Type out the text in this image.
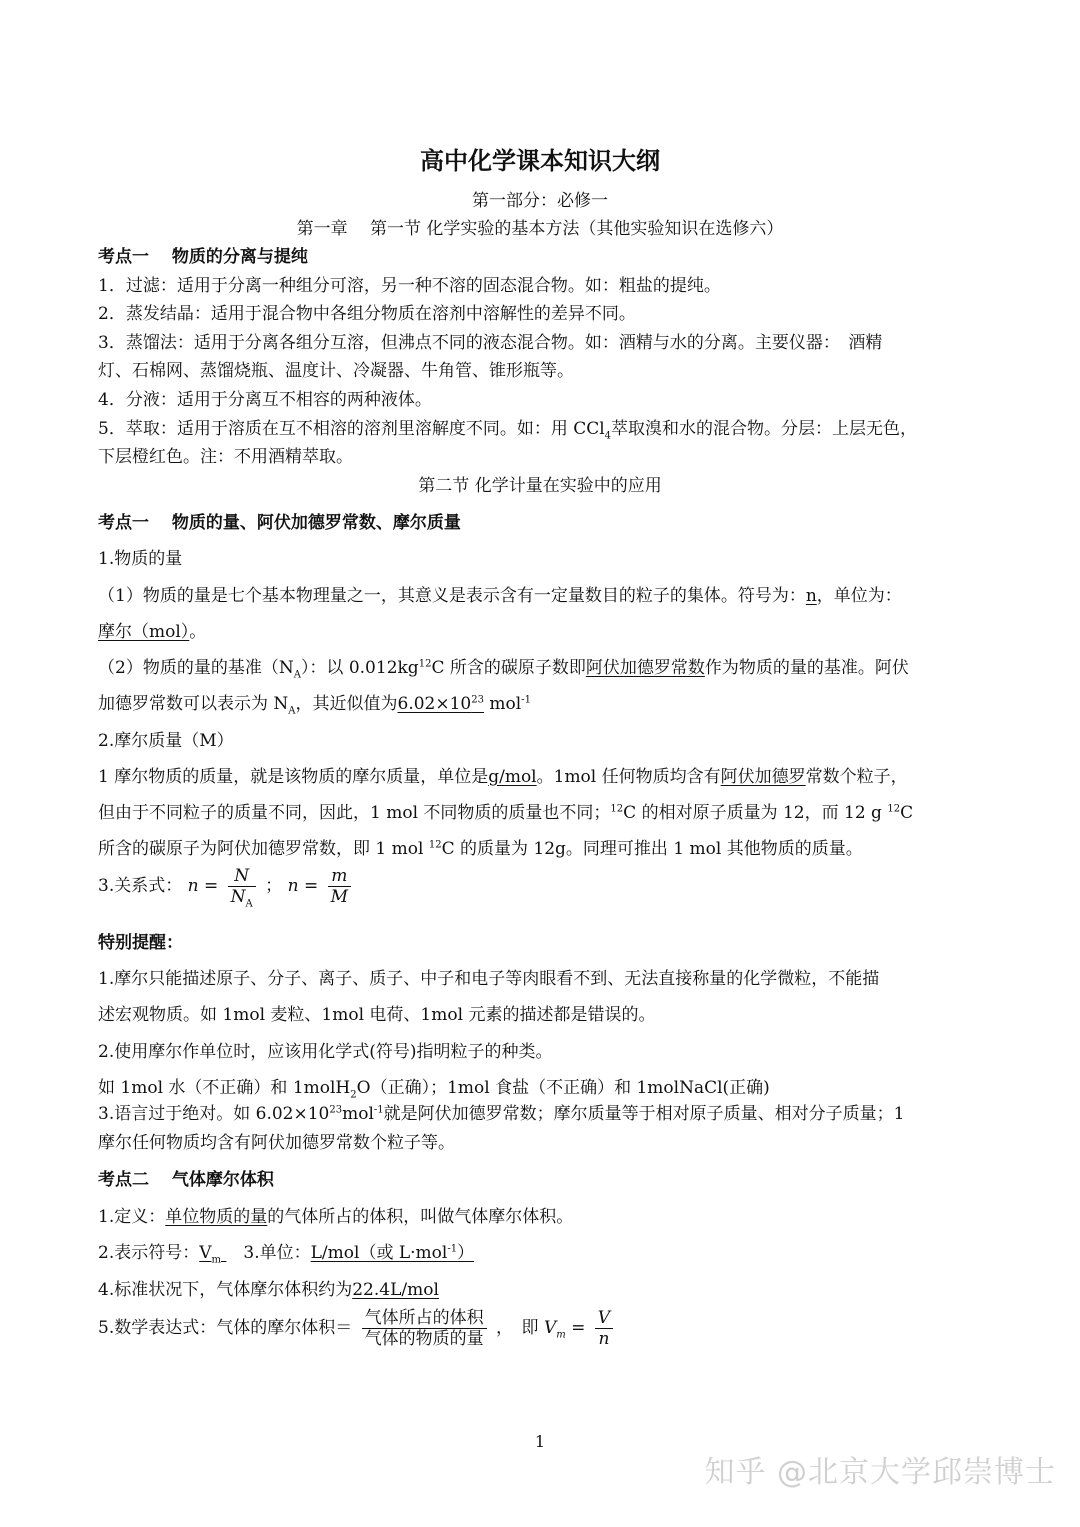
高中化学课本知识大纲
第一部分：必修一
第一章　 第一节 化学实验的基本方法（其他实验知识在选修六）
考点一　 物质的分离与提纯
1．过滤：适用于分离一种组分可溶，另一种不溶的固态混合物。如：粗盐的提纯。
2．蒸发结晶：适用于混合物中各组分物质在溶剂中溶解性的差异不同。
3．蒸馏法：适用于分离各组分互溶，但沸点不同的液态混合物。如：酒精与水的分离。主要仪器：　酒精
灯、石棉网、蒸馏烧瓶、温度计、冷凝器、牛角管、锥形瓶等。
4．分液：适用于分离互不相容的两种液体。
5．萃取：适用于溶质在互不相溶的溶剂里溶解度不同。如：用 CCl$_4$萃取溴和水的混合物。分层：上层无色，
下层橙红色。注：不用酒精萃取。
第二节 化学计量在实验中的应用
考点一　 物质的量、阿伏加德罗常数、摩尔质量
1.物质的量
（1）物质的量是七个基本物理量之一，其意义是表示含有一定量数目的粒子的集体。符号为：n，单位为：
摩尔（mol）。
（2）物质的量的基准$(N_A)$：以 $0.012kg^{12}C$ 所含的碳原子数即阿伏加德罗常数作为物质的量的基准。阿伏
加德罗常数可以表示为 $N_A$，其近似值为$6.02\times 10^{23}$ mol$^{-1}$
2.摩尔质量（M）
1 摩尔物质的质量，就是该物质的摩尔质量，单位是g/mol。1mol 任何物质均含有阿伏加德罗常数个粒子，
但由于不同粒子的质量不同，因此，1 mol 不同物质的质量也不同；$^{12}$C 的相对原子质量为 12，而 12 g $^{12}$C
所含的碳原子为阿伏加德罗常数，即 1 mol $^{12}$C 的质量为 12g。同理可推出 1 mol 其他物质的质量。
3.关系式： $n = \frac{N}{N_A}$ ； $n = \frac{m}{M}$
特别提醒：
1.摩尔只能描述原子、分子、离子、质子、中子和电子等肉眼看不到、无法直接称量的化学微粒，不能描
述宏观物质。如 1mol 麦粒、1mol 电荷、1mol 元素的描述都是错误的。
2.使用摩尔作单位时，应该用化学式(符号)指明粒子的种类。
如 1mol 水（不正确）和 1molH$_2$O（正确）；1mol 食盐（不正确）和 1molNaCl(正确)
3.语言过于绝对。如 $6.02\times 10^{23}mol^{-1}$就是阿伏加德罗常数；摩尔质量等于相对原子质量、相对分子质量；1
摩尔任何物质均含有阿伏加德罗常数个粒子等。
考点二　 气体摩尔体积
1.定义：单位物质的量的气体所占的体积，叫做气体摩尔体积。
2.表示符号：$V_m$ 　3.单位：L/mol（或 L·mol$^{-1}$）
4.标准状况下，气体摩尔体积约为22.4L/mol
5.数学表达式：气体的摩尔体积＝ $\frac{\text{气体所占的体积}}{\text{气体的物质的量}}$ ，　即 $V_m = \frac{V}{n}$
1
知乎 @北京大学邱崇博士
